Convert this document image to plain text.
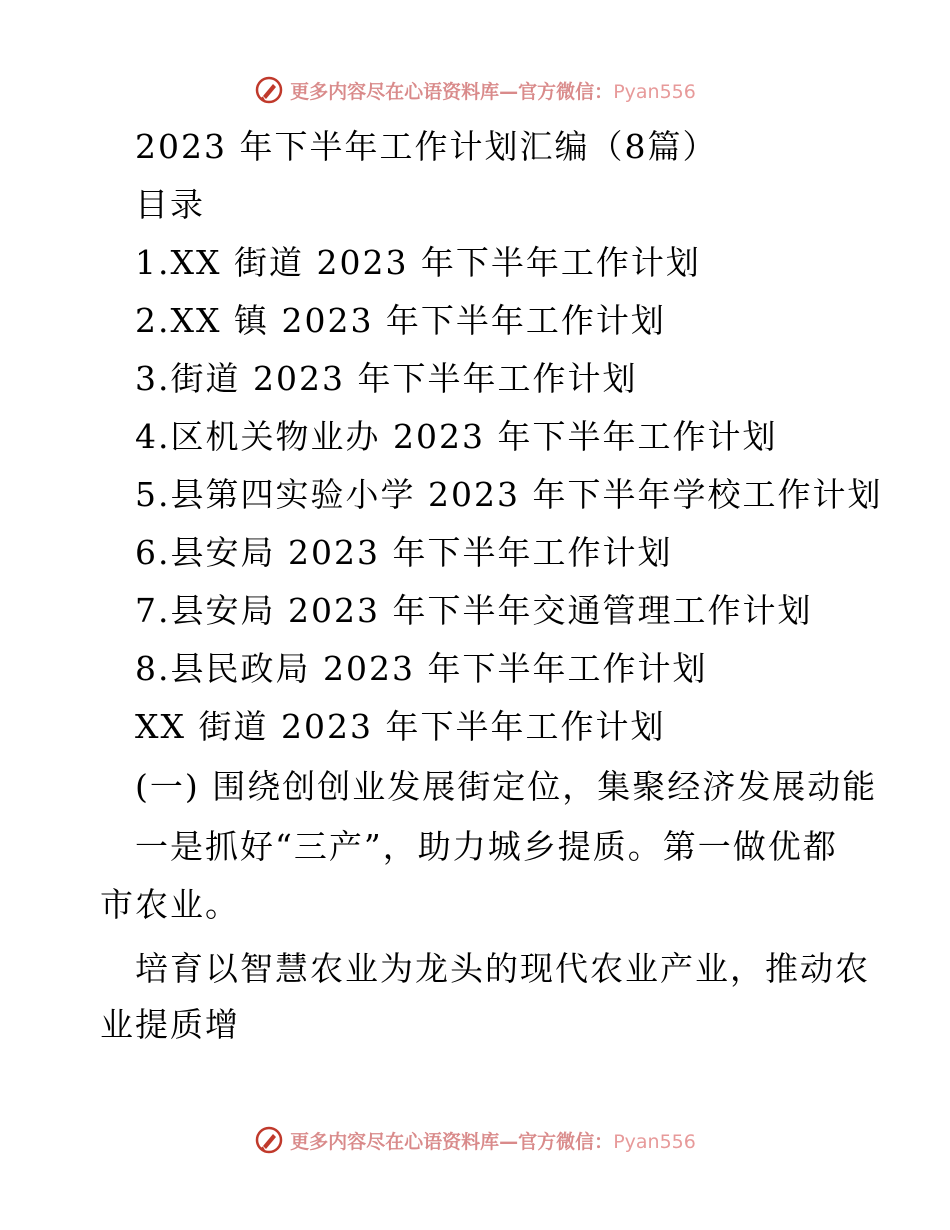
更多内容尽在心语资料库—官方微信：Pyan556
2023 年下半年工作计划汇编（8篇）
目录
1.XX 街道 2023 年下半年工作计划
2.XX 镇 2023 年下半年工作计划
3.街道 2023 年下半年工作计划
4.区机关物业办 2023 年下半年工作计划
5.县第四实验小学 2023 年下半年学校工作计划
6.县安局 2023 年下半年工作计划
7.县安局 2023 年下半年交通管理工作计划
8.县民政局 2023 年下半年工作计划
XX 街道 2023 年下半年工作计划
(一) 围绕创创业发展街定位，集聚经济发展动能
一是抓好“三产”，助力城乡提质。第一做优都
市农业。
培育以智慧农业为龙头的现代农业产业，推动农
业提质增
更多内容尽在心语资料库—官方微信：Pyan556
